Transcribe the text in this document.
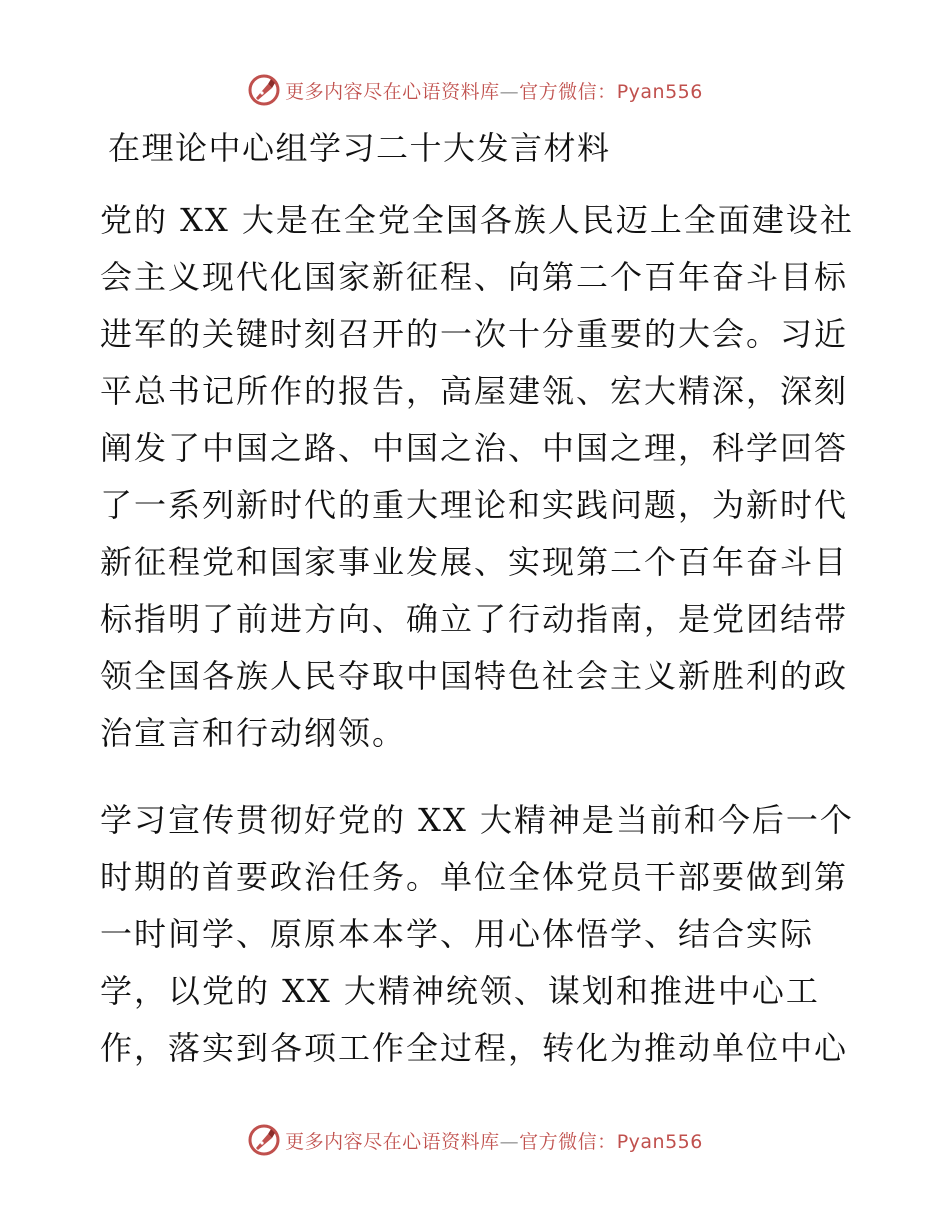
更多内容尽在心语资料库—官方微信：Pyan556
在理论中心组学习二十大发言材料
党的 XX 大是在全党全国各族人民迈上全面建设社
会主义现代化国家新征程、向第二个百年奋斗目标
进军的关键时刻召开的一次十分重要的大会。习近
平总书记所作的报告，高屋建瓴、宏大精深，深刻
阐发了中国之路、中国之治、中国之理，科学回答
了一系列新时代的重大理论和实践问题，为新时代
新征程党和国家事业发展、实现第二个百年奋斗目
标指明了前进方向、确立了行动指南，是党团结带
领全国各族人民夺取中国特色社会主义新胜利的政
治宣言和行动纲领。
学习宣传贯彻好党的 XX 大精神是当前和今后一个
时期的首要政治任务。单位全体党员干部要做到第
一时间学、原原本本学、用心体悟学、结合实际
学，以党的 XX 大精神统领、谋划和推进中心工
作，落实到各项工作全过程，转化为推动单位中心
更多内容尽在心语资料库—官方微信：Pyan556
